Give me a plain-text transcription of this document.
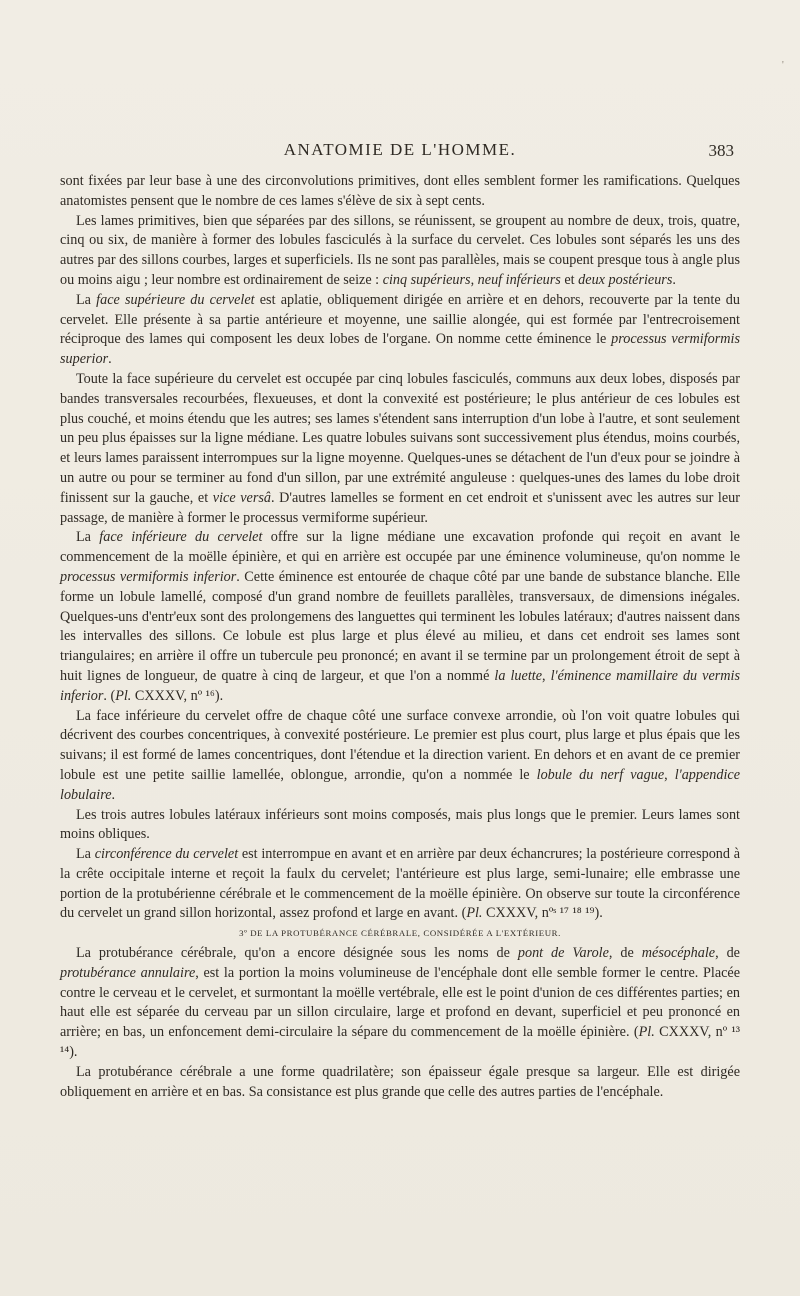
'
ANATOMIE DE L'HOMME.	383

sont fixées par leur base à une des circonvolutions primitives, dont elles semblent former les ramifications. Quelques anatomistes pensent que le nombre de ces lames s'élève de six à sept cents.

Les lames primitives, bien que séparées par des sillons, se réunissent, se groupent au nombre de deux, trois, quatre, cinq ou six, de manière à former des lobules fasciculés à la surface du cervelet. Ces lobules sont séparés les uns des autres par des sillons courbes, larges et superficiels. Ils ne sont pas parallèles, mais se coupent presque tous à angle plus ou moins aigu ; leur nombre est ordinairement de seize : cinq supérieurs, neuf inférieurs et deux postérieurs.

La face supérieure du cervelet est aplatie, obliquement dirigée en arrière et en dehors, recouverte par la tente du cervelet. Elle présente à sa partie antérieure et moyenne, une saillie alongée, qui est formée par l'entrecroisement réciproque des lames qui composent les deux lobes de l'organe. On nomme cette éminence le processus vermiformis superior.

Toute la face supérieure du cervelet est occupée par cinq lobules fasciculés, communs aux deux lobes, disposés par bandes transversales recourbées, flexueuses, et dont la convexité est postérieure; le plus antérieur de ces lobules est plus couché, et moins étendu que les autres; ses lames s'étendent sans interruption d'un lobe à l'autre, et sont seulement un peu plus épaisses sur la ligne médiane. Les quatre lobules suivans sont successivement plus étendus, moins courbés, et leurs lames paraissent interrompues sur la ligne moyenne. Quelques-unes se détachent de l'un d'eux pour se joindre à un autre ou pour se terminer au fond d'un sillon, par une extrémité anguleuse : quelques-unes des lames du lobe droit finissent sur la gauche, et vice versâ. D'autres lamelles se forment en cet endroit et s'unissent avec les autres sur leur passage, de manière à former le processus vermiforme supérieur.

La face inférieure du cervelet offre sur la ligne médiane une excavation profonde qui reçoit en avant le commencement de la moëlle épinière, et qui en arrière est occupée par une éminence volumineuse, qu'on nomme le processus vermiformis inferior. Cette éminence est entourée de chaque côté par une bande de substance blanche. Elle forme un lobule lamellé, composé d'un grand nombre de feuillets parallèles, transversaux, de dimensions inégales. Quelques-uns d'entr'eux sont des prolongemens des languettes qui terminent les lobules latéraux; d'autres naissent dans les intervalles des sillons. Ce lobule est plus large et plus élevé au milieu, et dans cet endroit ses lames sont triangulaires; en arrière il offre un tubercule peu prononcé; en avant il se termine par un prolongement étroit de sept à huit lignes de longueur, de quatre à cinq de largeur, et que l'on a nommé la luette, l'éminence mamillaire du vermis inferior. (Pl. CXXXV, nº ¹⁶).

La face inférieure du cervelet offre de chaque côté une surface convexe arrondie, où l'on voit quatre lobules qui décrivent des courbes concentriques, à convexité postérieure. Le premier est plus court, plus large et plus épais que les suivans; il est formé de lames concentriques, dont l'étendue et la direction varient. En dehors et en avant de ce premier lobule est une petite saillie lamellée, oblongue, arrondie, qu'on a nommée le lobule du nerf vague, l'appendice lobulaire.

Les trois autres lobules latéraux inférieurs sont moins composés, mais plus longs que le premier. Leurs lames sont moins obliques.

La circonférence du cervelet est interrompue en avant et en arrière par deux échancrures; la postérieure correspond à la crête occipitale interne et reçoit la faulx du cervelet; l'antérieure est plus large, semi-lunaire; elle embrasse une portion de la protubérienne cérébrale et le commencement de la moëlle épinière. On observe sur toute la circonférence du cervelet un grand sillon horizontal, assez profond et large en avant. (Pl. CXXXV, nºˢ ¹⁷ ¹⁸ ¹⁹).

3º DE LA PROTUBÉRANCE CÉRÉBRALE, CONSIDÉRÉE A L'EXTÉRIEUR.

La protubérance cérébrale, qu'on a encore désignée sous les noms de pont de Varole, de mésocéphale, de protubérance annulaire, est la portion la moins volumineuse de l'encéphale dont elle semble former le centre. Placée contre le cerveau et le cervelet, et surmontant la moëlle vertébrale, elle est le point d'union de ces différentes parties; en haut elle est séparée du cerveau par un sillon circulaire, large et profond en devant, superficiel et peu prononcé en arrière; en bas, un enfoncement demi-circulaire la sépare du commencement de la moëlle épinière. (Pl. CXXXV, nº ¹³ ¹⁴).

La protubérance cérébrale a une forme quadrilatère; son épaisseur égale presque sa largeur. Elle est dirigée obliquement en arrière et en bas. Sa consistance est plus grande que celle des autres parties de l'encéphale.
